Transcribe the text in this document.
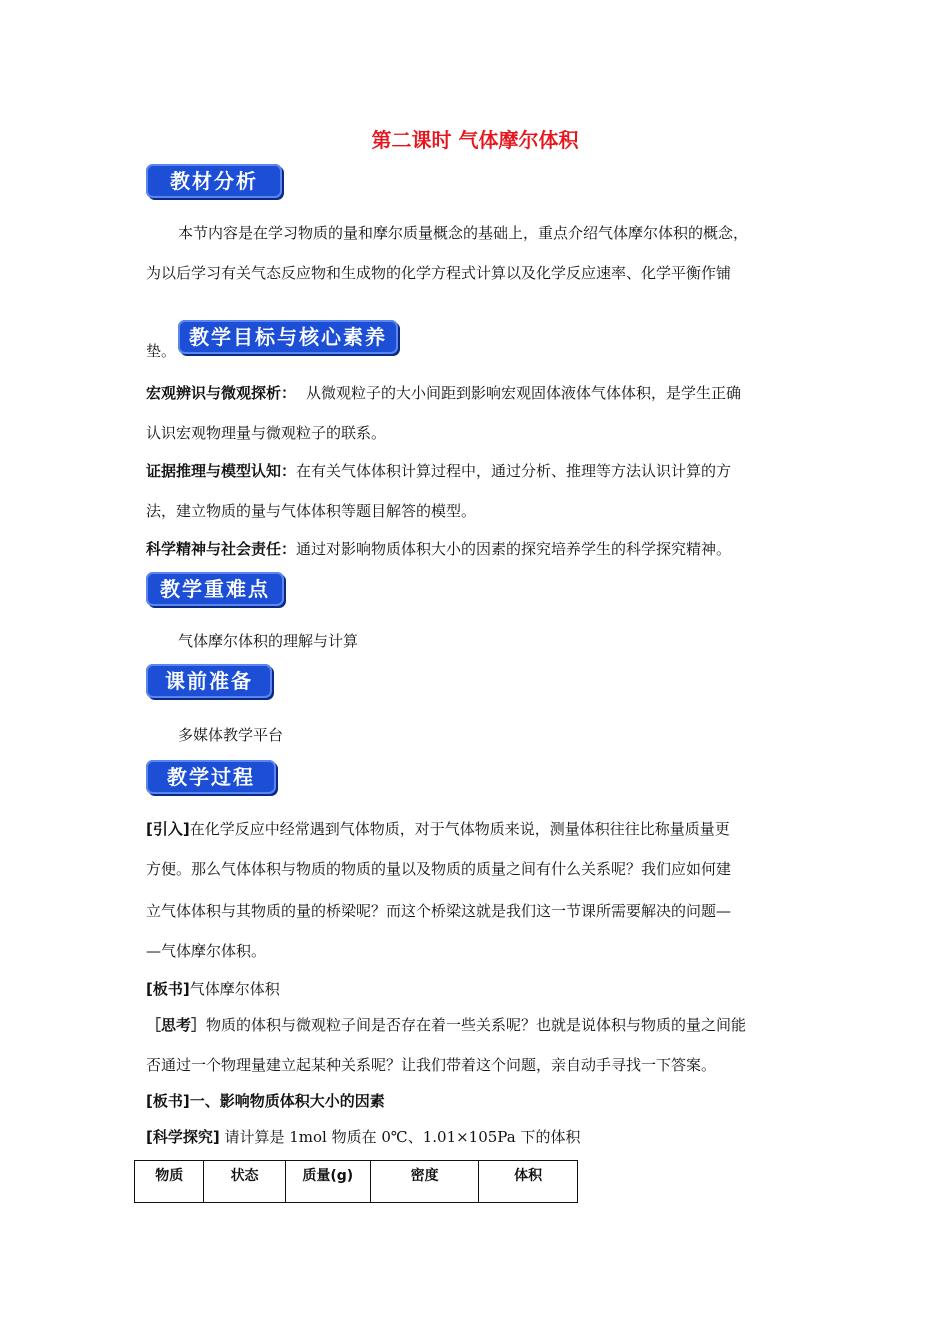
第二课时 气体摩尔体积
教材分析
本节内容是在学习物质的量和摩尔质量概念的基础上，重点介绍气体摩尔体积的概念，
为以后学习有关气态反应物和生成物的化学方程式计算以及化学反应速率、化学平衡作铺
垫。
教学目标与核心素养
宏观辨识与微观探析： 从微观粒子的大小间距到影响宏观固体液体气体体积，是学生正确
认识宏观物理量与微观粒子的联系。
证据推理与模型认知：在有关气体体积计算过程中，通过分析、推理等方法认识计算的方
法，建立物质的量与气体体积等题目解答的模型。
科学精神与社会责任：通过对影响物质体积大小的因素的探究培养学生的科学探究精神。
教学重难点
气体摩尔体积的理解与计算
课前准备
多媒体教学平台
教学过程
[引入]在化学反应中经常遇到气体物质，对于气体物质来说，测量体积往往比称量质量更
方便。那么气体体积与物质的物质的量以及物质的质量之间有什么关系呢？我们应如何建
立气体体积与其物质的量的桥梁呢？而这个桥梁这就是我们这一节课所需要解决的问题—
—气体摩尔体积。
[板书]气体摩尔体积
［思考］物质的体积与微观粒子间是否存在着一些关系呢？也就是说体积与物质的量之间能
否通过一个物理量建立起某种关系呢？让我们带着这个问题，亲自动手寻找一下答案。
[板书]一、影响物质体积大小的因素
[科学探究] 请计算是 1mol 物质在 0℃、1.01×105Pa 下的体积
物质	状态	质量(g)	密度	体积
